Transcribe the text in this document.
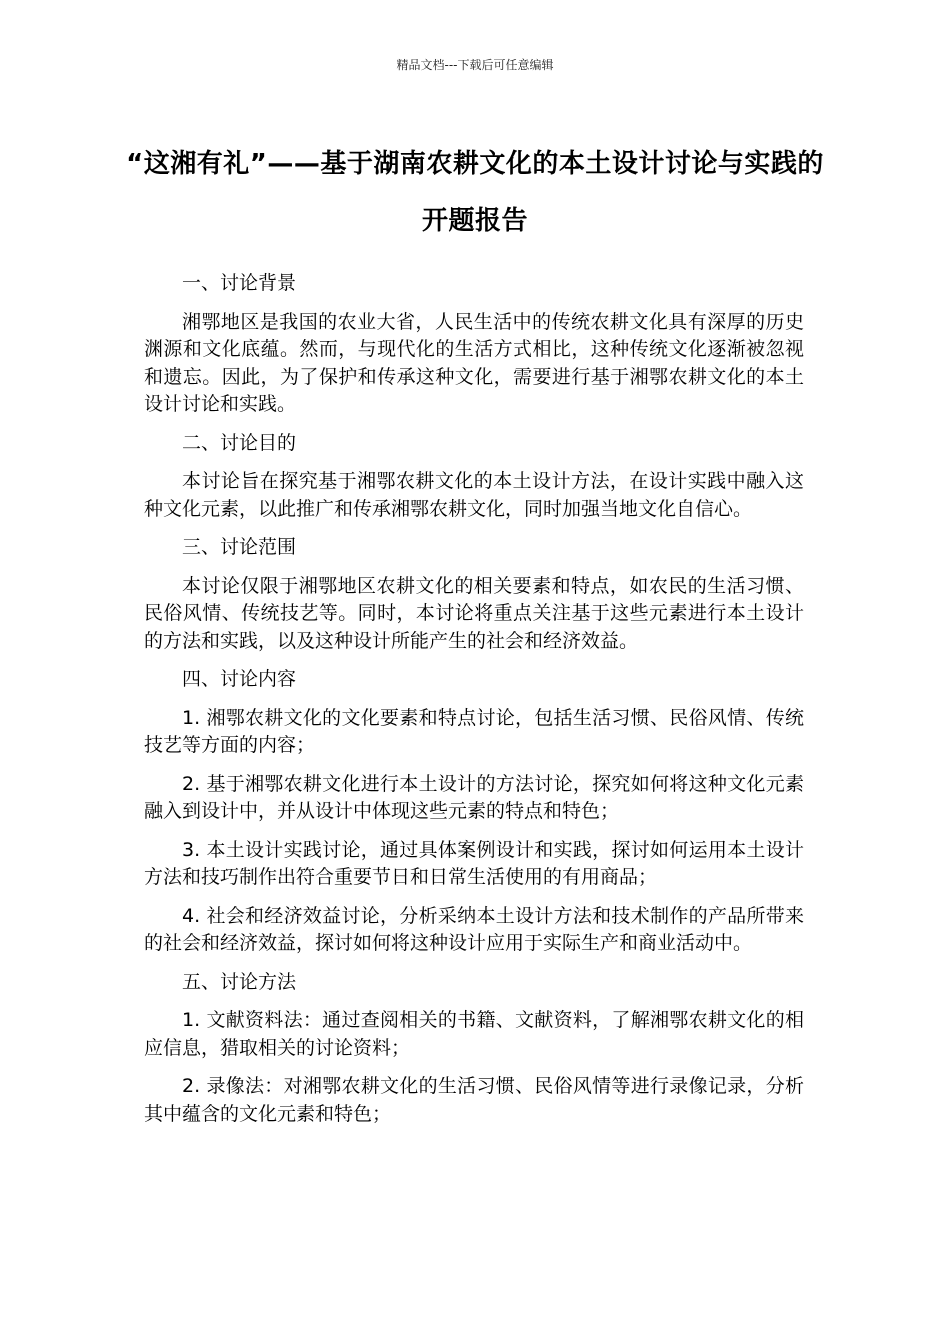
精品文档---下载后可任意编辑
“这湘有礼”——基于湖南农耕文化的本土设计讨论与实践的开题报告

一、讨论背景

湘鄂地区是我国的农业大省，人民生活中的传统农耕文化具有深厚的历史渊源和文化底蕴。然而，与现代化的生活方式相比，这种传统文化逐渐被忽视和遗忘。因此，为了保护和传承这种文化，需要进行基于湘鄂农耕文化的本土设计讨论和实践。

二、讨论目的

本讨论旨在探究基于湘鄂农耕文化的本土设计方法，在设计实践中融入这种文化元素，以此推广和传承湘鄂农耕文化，同时加强当地文化自信心。

三、讨论范围

本讨论仅限于湘鄂地区农耕文化的相关要素和特点，如农民的生活习惯、民俗风情、传统技艺等。同时，本讨论将重点关注基于这些元素进行本土设计的方法和实践，以及这种设计所能产生的社会和经济效益。

四、讨论内容

1. 湘鄂农耕文化的文化要素和特点讨论，包括生活习惯、民俗风情、传统技艺等方面的内容；

2. 基于湘鄂农耕文化进行本土设计的方法讨论，探究如何将这种文化元素融入到设计中，并从设计中体现这些元素的特点和特色；

3. 本土设计实践讨论，通过具体案例设计和实践，探讨如何运用本土设计方法和技巧制作出符合重要节日和日常生活使用的有用商品；

4. 社会和经济效益讨论，分析采纳本土设计方法和技术制作的产品所带来的社会和经济效益，探讨如何将这种设计应用于实际生产和商业活动中。

五、讨论方法

1. 文献资料法：通过查阅相关的书籍、文献资料，了解湘鄂农耕文化的相应信息，猎取相关的讨论资料；

2. 录像法：对湘鄂农耕文化的生活习惯、民俗风情等进行录像记录，分析其中蕴含的文化元素和特色；
